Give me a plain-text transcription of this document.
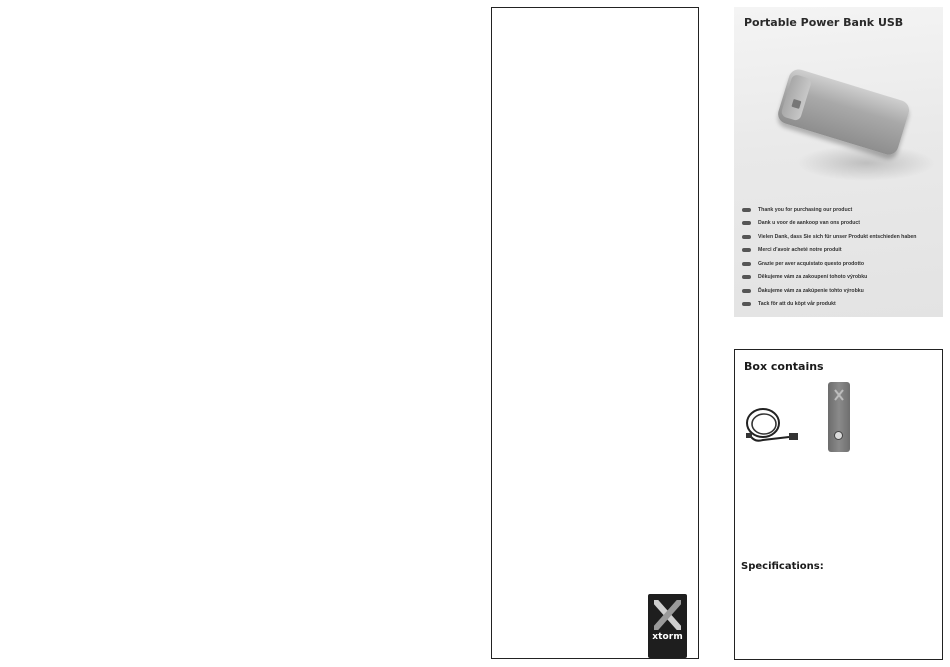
xtorm
Portable Power Bank USB
Thank you for purchasing our product
Dank u voor de aankoop van ons product
Vielen Dank, dass Sie sich für unser Produkt entschieden haben
Merci d’avoir acheté notre produit
Grazie per aver acquistato questo prodotto
Děkujeme vám za zakoupení tohoto výrobku
Ďakujeme vám za zakúpenie tohto výrobku
Tack för att du köpt vår produkt
Box contains
Specifications:
